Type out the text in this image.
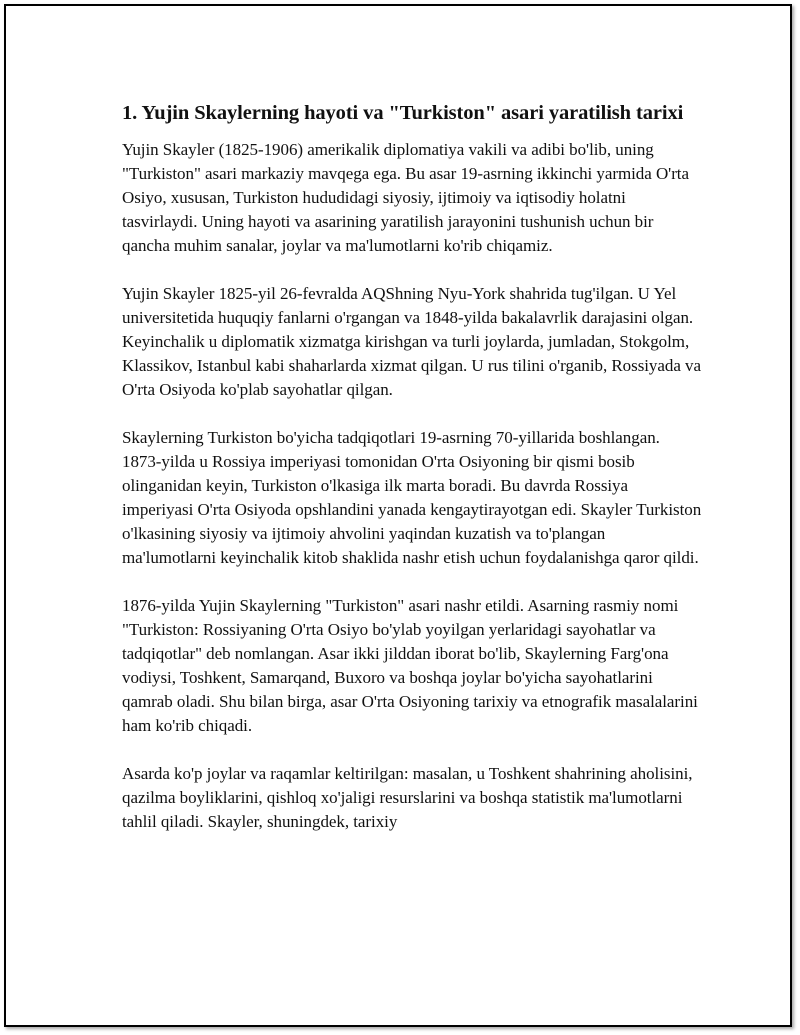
1. Yujin Skaylerning hayoti va "Turkiston" asari yaratilish tarixi

Yujin Skayler (1825-1906) amerikalik diplomatiya vakili va adibi bo'lib, uning "Turkiston" asari markaziy mavqega ega. Bu asar 19-asrning ikkinchi yarmida O'rta Osiyo, xususan, Turkiston hududidagi siyosiy, ijtimoiy va iqtisodiy holatni tasvirlaydi. Uning hayoti va asarining yaratilish jarayonini tushunish uchun bir qancha muhim sanalar, joylar va ma'lumotlarni ko'rib chiqamiz.

Yujin Skayler 1825-yil 26-fevralda AQShning Nyu-York shahrida tug'ilgan. U Yel universitetida huquqiy fanlarni o'rgangan va 1848-yilda bakalavrlik darajasini olgan. Keyinchalik u diplomatik xizmatga kirishgan va turli joylarda, jumladan, Stokgolm, Klassikov, Istanbul kabi shaharlarda xizmat qilgan. U rus tilini o'rganib, Rossiyada va O'rta Osiyoda ko'plab sayohatlar qilgan.

Skaylerning Turkiston bo'yicha tadqiqotlari 19-asrning 70-yillarida boshlangan. 1873-yilda u Rossiya imperiyasi tomonidan O'rta Osiyoning bir qismi bosib olinganidan keyin, Turkiston o'lkasiga ilk marta boradi. Bu davrda Rossiya imperiyasi O'rta Osiyoda opshlandini yanada kengaytirayotgan edi. Skayler Turkiston o'lkasining siyosiy va ijtimoiy ahvolini yaqindan kuzatish va to'plangan ma'lumotlarni keyinchalik kitob shaklida nashr etish uchun foydalanishga qaror qildi.

1876-yilda Yujin Skaylerning "Turkiston" asari nashr etildi. Asarning rasmiy nomi "Turkiston: Rossiyaning O'rta Osiyo bo'ylab yoyilgan yerlaridagi sayohatlar va tadqiqotlar" deb nomlangan. Asar ikki jilddan iborat bo'lib, Skaylerning Farg'ona vodiysi, Toshkent, Samarqand, Buxoro va boshqa joylar bo'yicha sayohatlarini qamrab oladi. Shu bilan birga, asar O'rta Osiyoning tarixiy va etnografik masalalarini ham ko'rib chiqadi.

Asarda ko'p joylar va raqamlar keltirilgan: masalan, u Toshkent shahrining aholisini, qazilma boyliklarini, qishloq xo'jaligi resurslarini va boshqa statistik ma'lumotlarni tahlil qiladi. Skayler, shuningdek, tarixiy
